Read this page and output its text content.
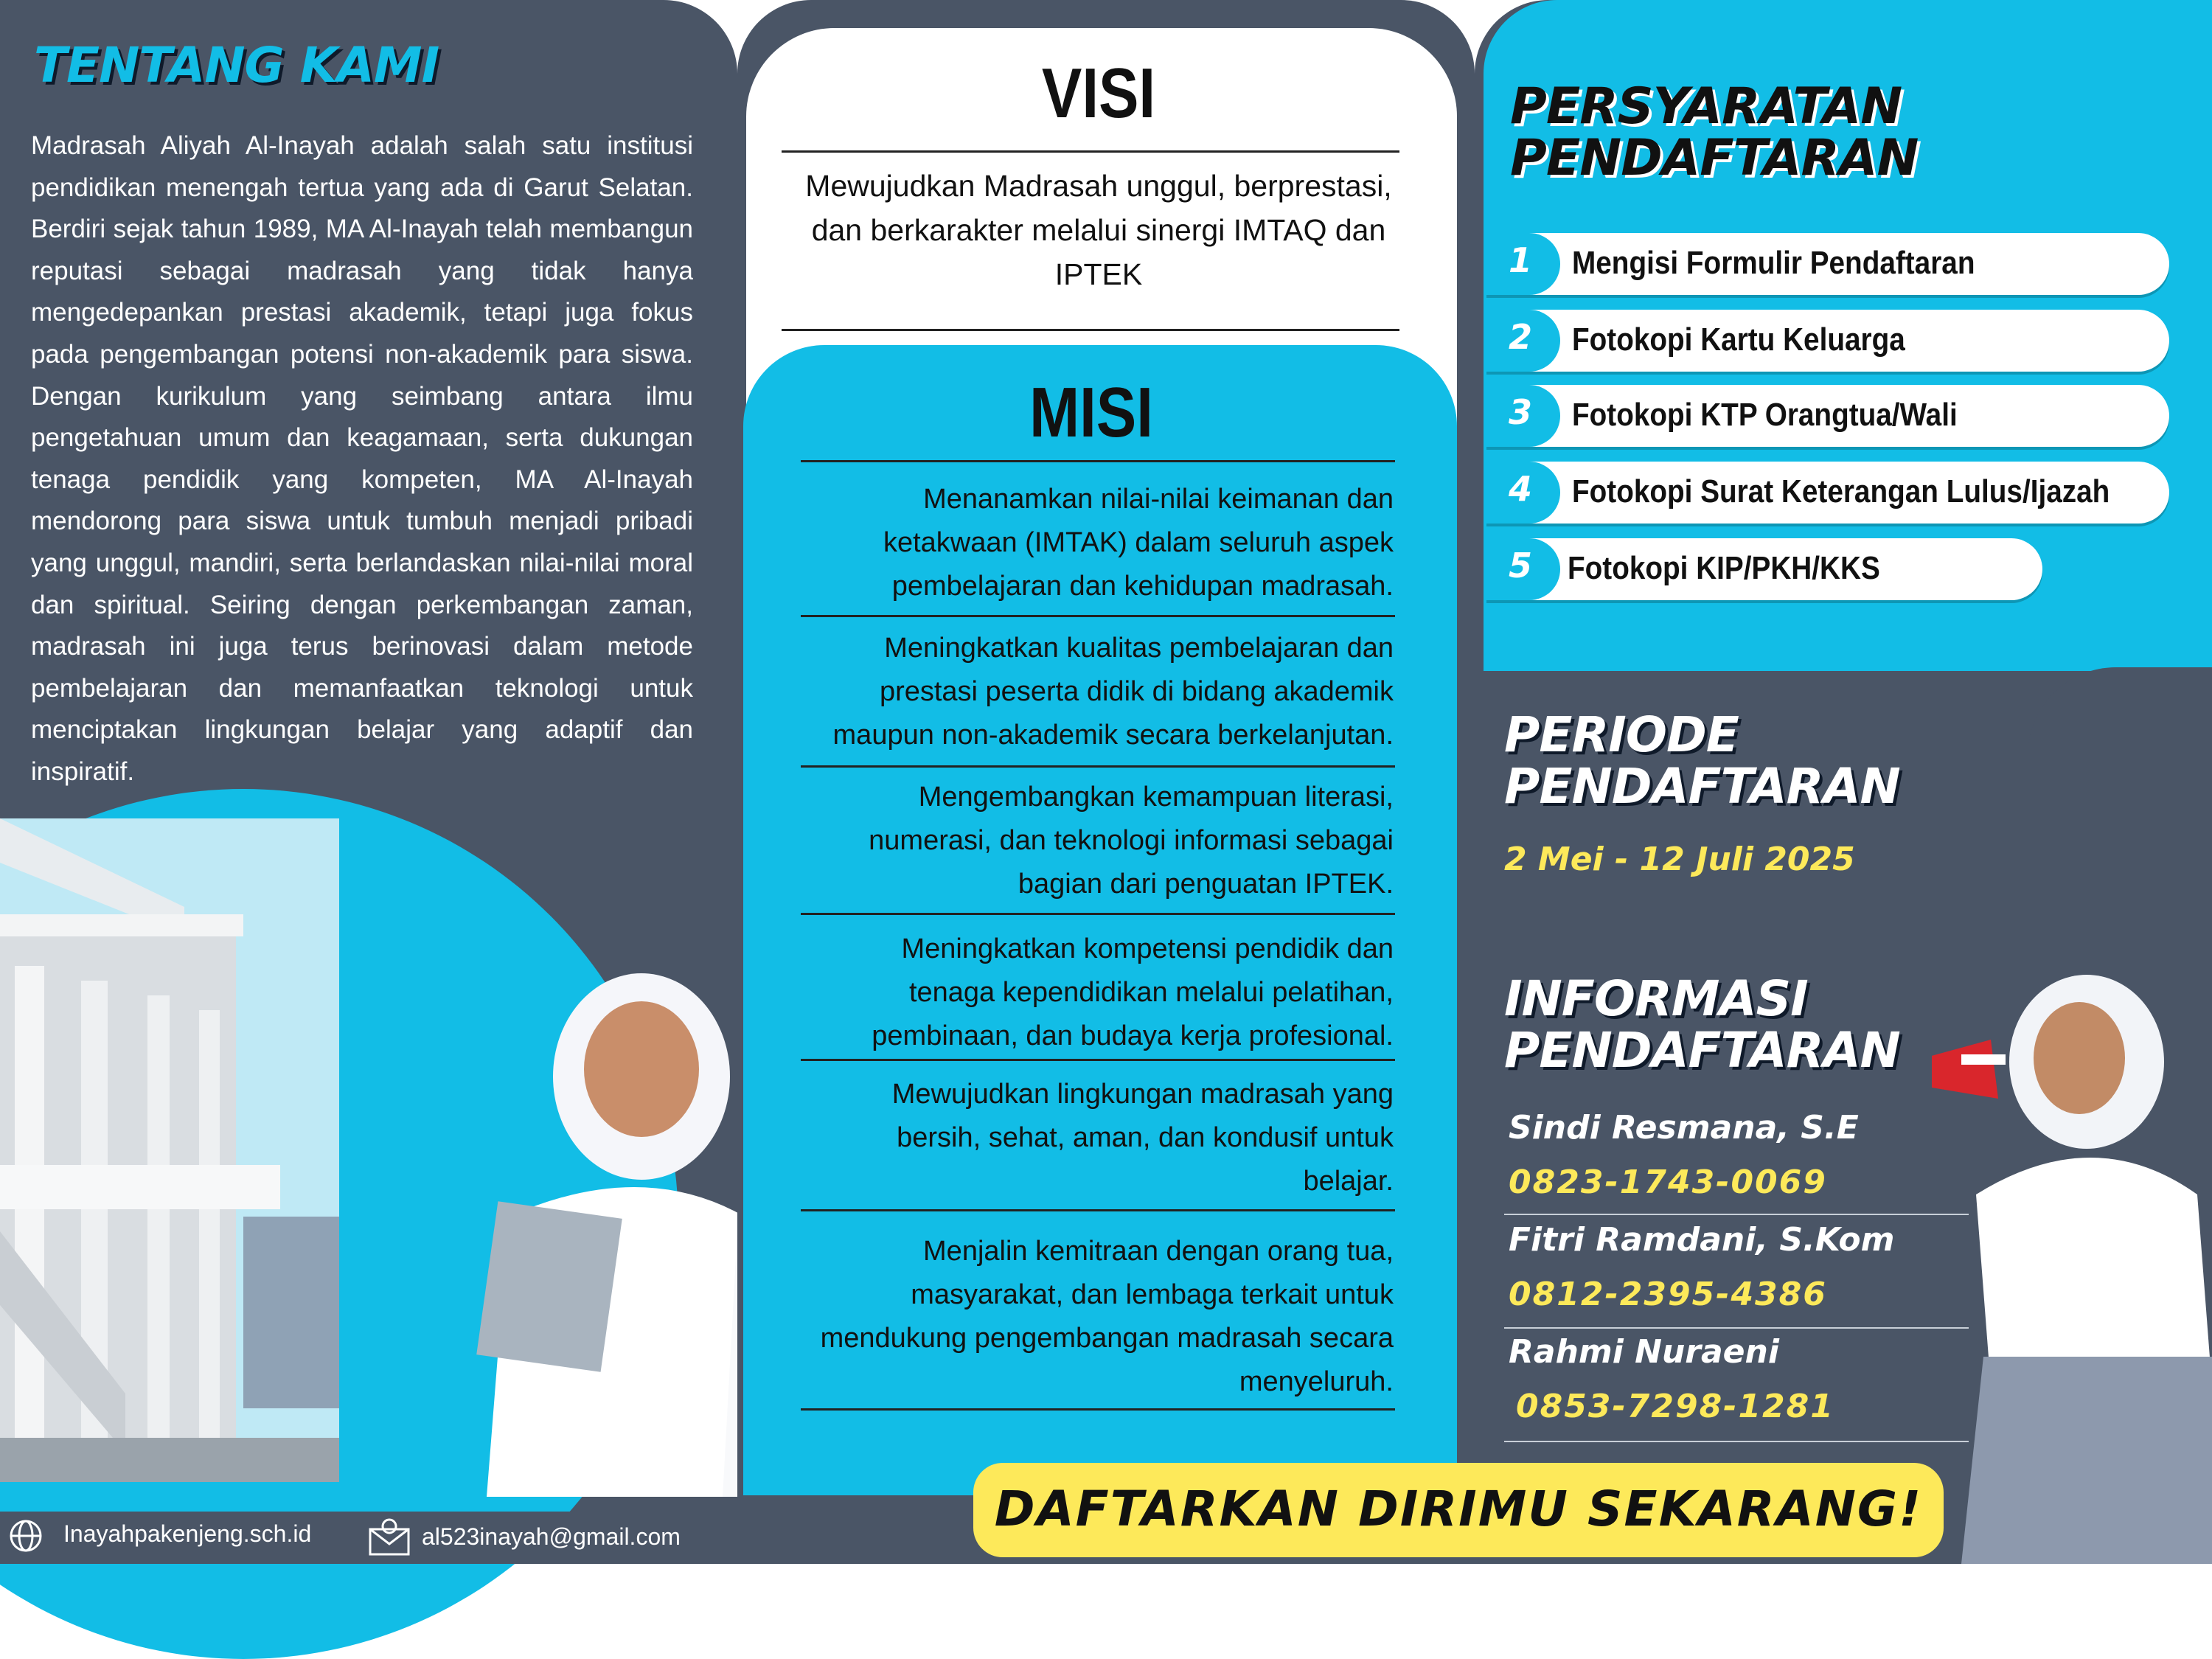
TENTANG KAMI
Madrasah Aliyah Al-Inayah adalah salah satu institusi pendidikan menengah tertua yang ada di Garut Selatan. Berdiri sejak tahun 1989, MA Al-Inayah telah membangun reputasi sebagai madrasah yang tidak hanya mengedepankan prestasi akademik, tetapi juga fokus pada pengembangan potensi non-akademik para siswa. Dengan kurikulum yang seimbang antara ilmu pengetahuan umum dan keagamaan, serta dukungan tenaga pendidik yang kompeten, MA Al-Inayah mendorong para siswa untuk tumbuh menjadi pribadi yang unggul, mandiri, serta berlandaskan nilai-nilai moral dan spiritual. Seiring dengan perkembangan zaman, madrasah ini juga terus berinovasi dalam metode pembelajaran dan memanfaatkan teknologi untuk menciptakan lingkungan belajar yang adaptif dan inspiratif.
Inayahpakenjeng.sch.id	al523inayah@gmail.com
VISI
Mewujudkan Madrasah unggul, berprestasi, dan berkarakter melalui sinergi IMTAQ dan IPTEK
MISI
Menanamkan nilai-nilai keimanan dan ketakwaan (IMTAK) dalam seluruh aspek pembelajaran dan kehidupan madrasah.
Meningkatkan kualitas pembelajaran dan prestasi peserta didik di bidang akademik maupun non-akademik secara berkelanjutan.
Mengembangkan kemampuan literasi, numerasi, dan teknologi informasi sebagai bagian dari penguatan IPTEK.
Meningkatkan kompetensi pendidik dan tenaga kependidikan melalui pelatihan, pembinaan, dan budaya kerja profesional.
Mewujudkan lingkungan madrasah yang bersih, sehat, aman, dan kondusif untuk belajar.
Menjalin kemitraan dengan orang tua, masyarakat, dan lembaga terkait untuk mendukung pengembangan madrasah secara menyeluruh.
PERSYARATAN
PENDAFTARAN
1 Mengisi Formulir Pendaftaran
2 Fotokopi Kartu Keluarga
3 Fotokopi KTP Orangtua/Wali
4 Fotokopi Surat Keterangan Lulus/Ijazah
5 Fotokopi KIP/PKH/KKS
PERIODE
PENDAFTARAN
2 Mei - 12 Juli 2025
INFORMASI
PENDAFTARAN
Sindi Resmana, S.E
0823-1743-0069
Fitri Ramdani, S.Kom
0812-2395-4386
Rahmi Nuraeni
0853-7298-1281
DAFTARKAN DIRIMU SEKARANG!
